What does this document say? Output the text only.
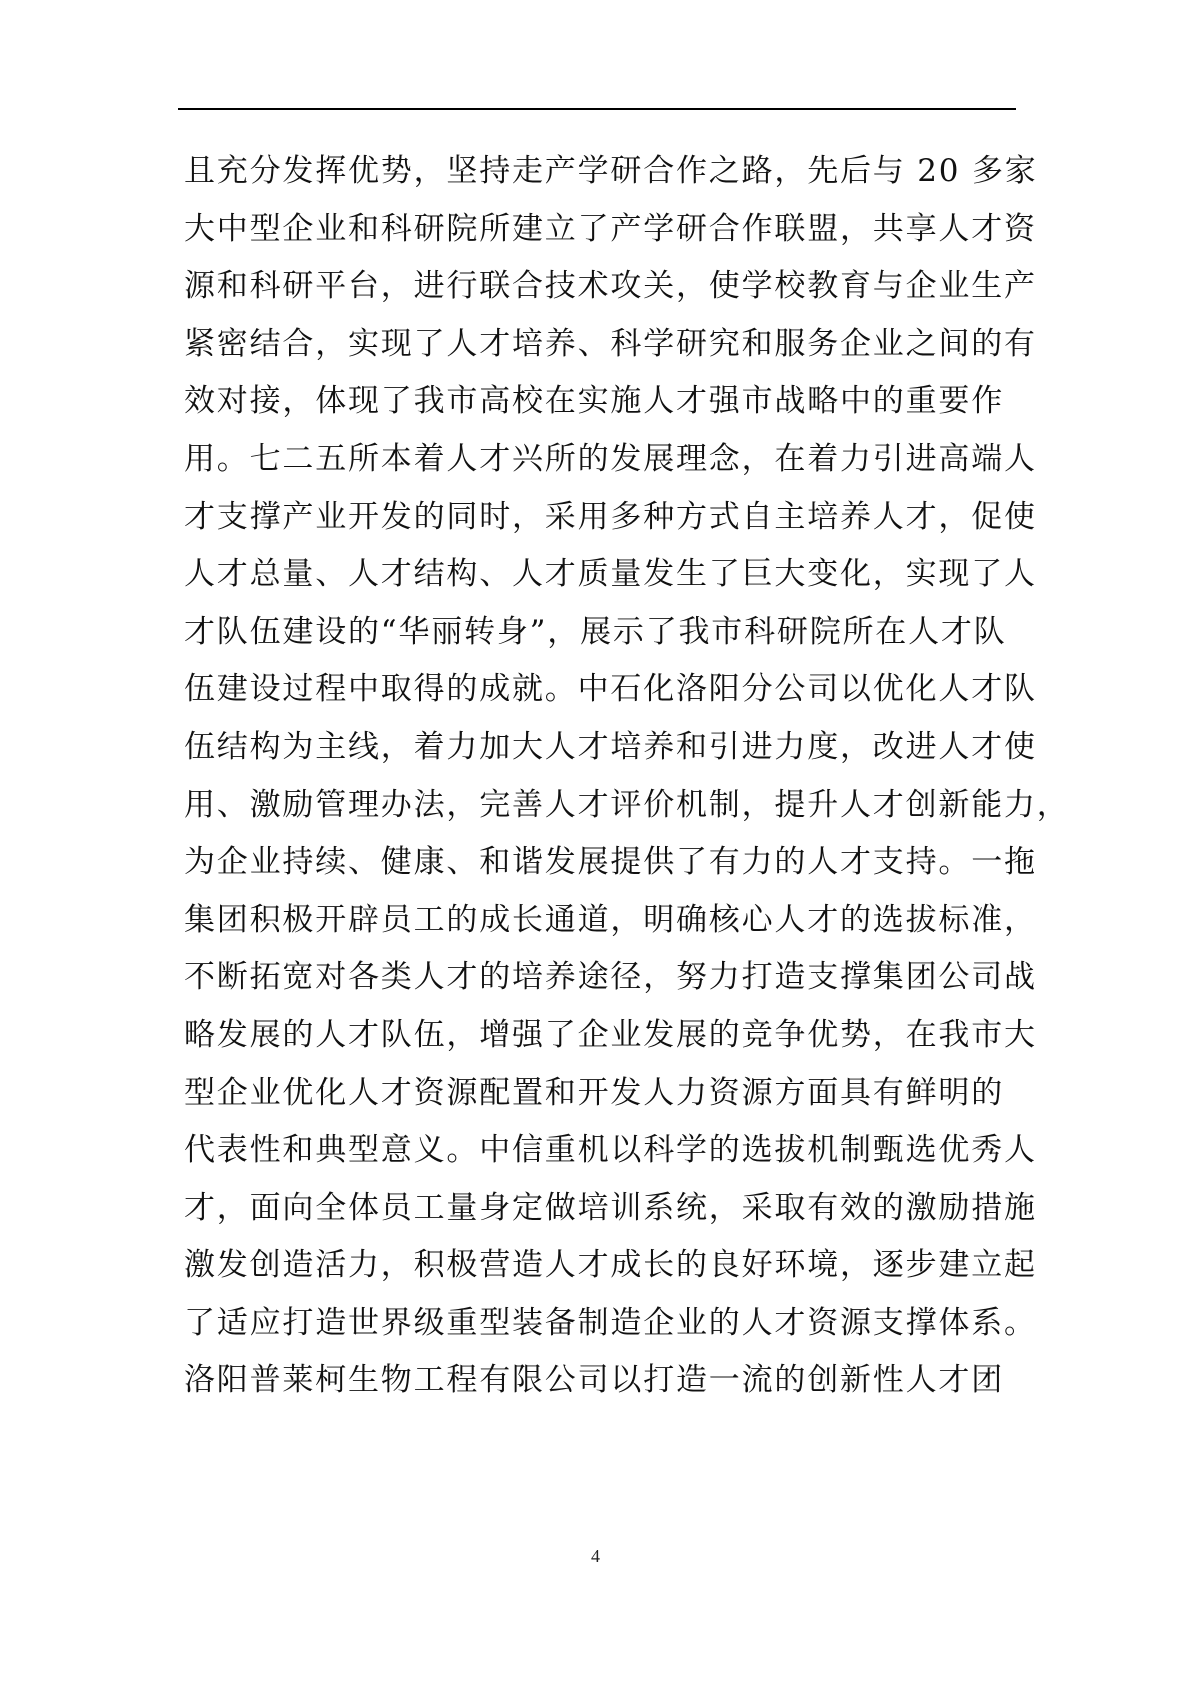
且充分发挥优势，坚持走产学研合作之路，先后与 20 多家
大中型企业和科研院所建立了产学研合作联盟，共享人才资
源和科研平台，进行联合技术攻关，使学校教育与企业生产
紧密结合，实现了人才培养、科学研究和服务企业之间的有
效对接，体现了我市高校在实施人才强市战略中的重要作
用。七二五所本着人才兴所的发展理念，在着力引进高端人
才支撑产业开发的同时，采用多种方式自主培养人才，促使
人才总量、人才结构、人才质量发生了巨大变化，实现了人
才队伍建设的“华丽转身”，展示了我市科研院所在人才队
伍建设过程中取得的成就。中石化洛阳分公司以优化人才队
伍结构为主线，着力加大人才培养和引进力度，改进人才使
用、激励管理办法，完善人才评价机制，提升人才创新能力，
为企业持续、健康、和谐发展提供了有力的人才支持。一拖
集团积极开辟员工的成长通道，明确核心人才的选拔标准，
不断拓宽对各类人才的培养途径，努力打造支撑集团公司战
略发展的人才队伍，增强了企业发展的竞争优势，在我市大
型企业优化人才资源配置和开发人力资源方面具有鲜明的
代表性和典型意义。中信重机以科学的选拔机制甄选优秀人
才，面向全体员工量身定做培训系统，采取有效的激励措施
激发创造活力，积极营造人才成长的良好环境，逐步建立起
了适应打造世界级重型装备制造企业的人才资源支撑体系。
洛阳普莱柯生物工程有限公司以打造一流的创新性人才团
4
